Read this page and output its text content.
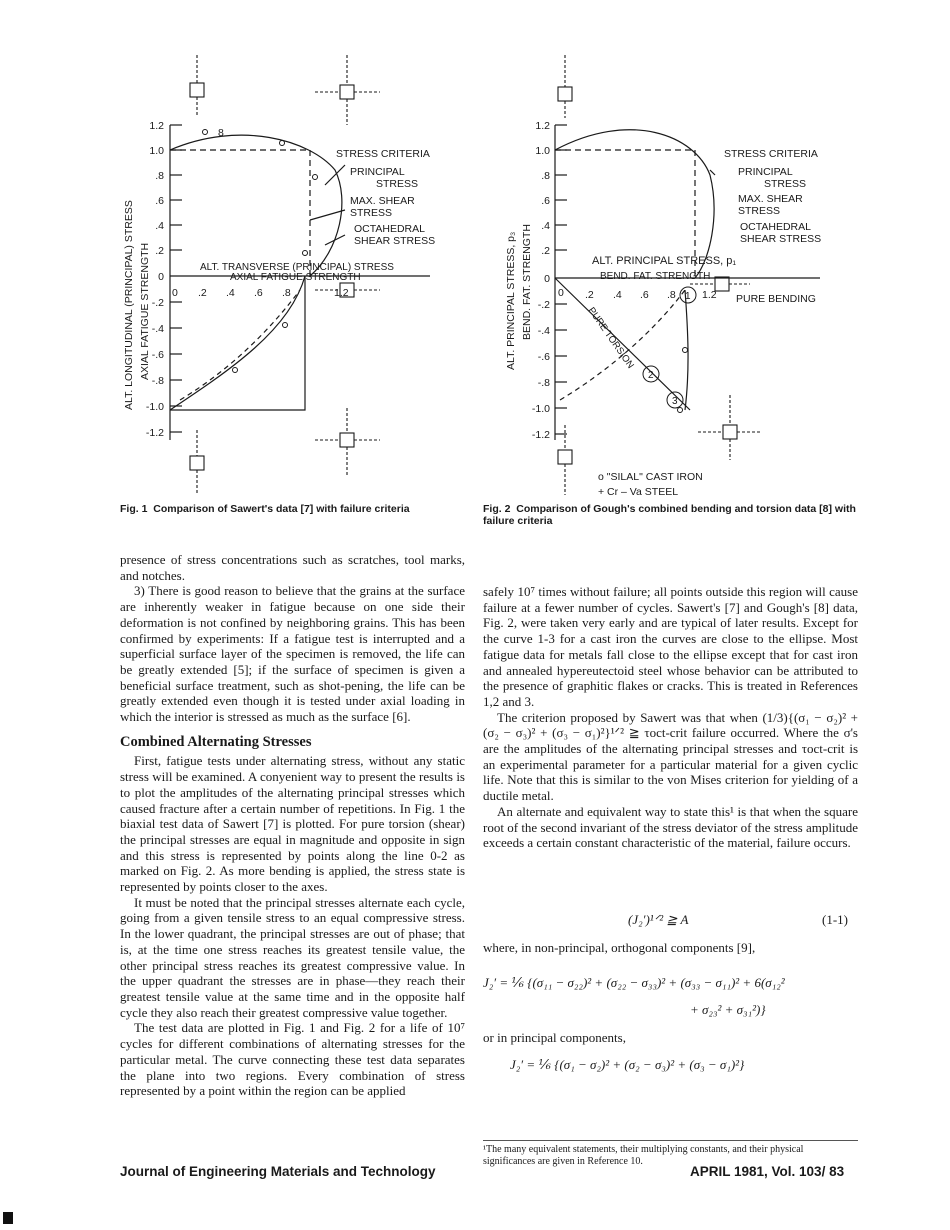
1.2
1.0
.8
.6
.4
.2
0
-.2
-.4
-.6
-.8
-1.0
-1.2
0 .2 .4 .6 .8	1.2
8
STRESS CRITERIA
PRINCIPAL
STRESS
MAX. SHEAR
STRESS
OCTAHEDRAL
SHEAR STRESS
ALT. TRANSVERSE (PRINCIPAL) STRESS
AXIAL FATIGUE STRENGTH
ALT. LONGITUDINAL (PRINCIPAL) STRESS AXIAL FATIGUE STRENGTH
Fig. 1 Comparison of Sawert's data [7] with failure criteria
1.2
1.0
.8
.6
.4
.2
0
-.2
-.4
-.6
-.8
-1.0
-1.2
0 .2 .4 .6 .8 1.2
1
2
3
STRESS CRITERIA
PRINCIPAL
STRESS
MAX. SHEAR
STRESS
OCTAHEDRAL
SHEAR STRESS
ALT. PRINCIPAL STRESS, p₁
BEND. FAT. STRENGTH
PURE BENDING
PURE TORSION
o "SILAL" CAST IRON
+ Cr – Va STEEL
ALT. PRINCIPAL STRESS, p₃ BEND. FAT. STRENGTH
Fig. 2 Comparison of Gough's combined bending and torsion data [8] with failure criteria

presence of stress concentrations such as scratches, tool marks, and notches.

3) There is good reason to believe that the grains at the surface are inherently weaker in fatigue because on one side their deformation is not confined by neighboring grains. This has been confirmed by experiments: If a fatigue test is interrupted and a superficial surface layer of the specimen is removed, the life can be greatly extended [5]; if the surface of specimen is given a beneficial surface treatment, such as shot-pening, the life can be greatly extended even though it is tested under axial loading in which the interior is stressed as much as the surface [6].

Combined Alternating Stresses

First, fatigue tests under alternating stress, without any static stress will be examined. A conyenient way to present the results is to plot the amplitudes of the alternating principal stresses which caused fracture after a certain number of repetitions. In Fig. 1 the biaxial test data of Sawert [7] is plotted. For pure torsion (shear) the principal stresses are equal in magnitude and opposite in sign and this stress is represented by points along the line 0-2 as marked on Fig. 2. As more bending is applied, the stress state is represented by points closer to the axes.

It must be noted that the principal stresses alternate each cycle, going from a given tensile stress to an equal compressive stress. In the lower quadrant, the principal stresses are out of phase; that is, at the time one stress reaches its greatest tensile value, the other principal stress reaches its greatest compressive value. In the upper quadrant the stresses are in phase—they reach their greatest tensile value at the same time and in the opposite half cycle they also reach their greatest compressive value together.

The test data are plotted in Fig. 1 and Fig. 2 for a life of 10⁷ cycles for different combinations of alternating stresses for the particular metal. The curve connecting these test data separates the plane into two regions. Every combination of stress represented by a point within the region can be applied

safely 10⁷ times without failure; all points outside this region will cause failure at a fewer number of cycles. Sawert's [7] and Gough's [8] data, Fig. 2, were taken very early and are typical of later results. Except for the curve 1-3 for a cast iron the curves are close to the ellipse. Most fatigue data for metals fall close to the ellipse except that for cast iron and annealed hypereutectoid steel whose behavior can be attributed to the presence of graphitic flakes or cracks. This is treated in References 1,2 and 3.

The criterion proposed by Sawert was that when (1/3){(σ₁ − σ₂)² + (σ₂ − σ₃)² + (σ₃ − σ₁)²}¹ᐟ² ≧ τoct-crit failure occurred. Where the σ's are the amplitudes of the alternating principal stresses and τoct-crit is an experimental parameter for a particular material for a given cyclic life. Note that this is similar to the von Mises criterion for yielding of a ductile metal.

An alternate and equivalent way to state this¹ is that when the square root of the second invariant of the stress deviator of the stress amplitude exceeds a certain constant characteristic of the material, failure occurs.

(J₂′)¹ᐟ² ≧ A	(1-1)
where, in non-principal, orthogonal components [9],
J₂′ = ⅙ {(σ₁₁ − σ₂₂)² + (σ₂₂ − σ₃₃)² + (σ₃₃ − σ₁₁)² + 6(σ₁₂²
+ σ₂₃² + σ₃₁²)}
or in principal components,
J₂′ = ⅙ {(σ₁ − σ₂)² + (σ₂ − σ₃)² + (σ₃ − σ₁)²}
¹The many equivalent statements, their multiplying constants, and their physical significances are given in Reference 10.
Journal of Engineering Materials and Technology	APRIL 1981, Vol. 103/ 83
